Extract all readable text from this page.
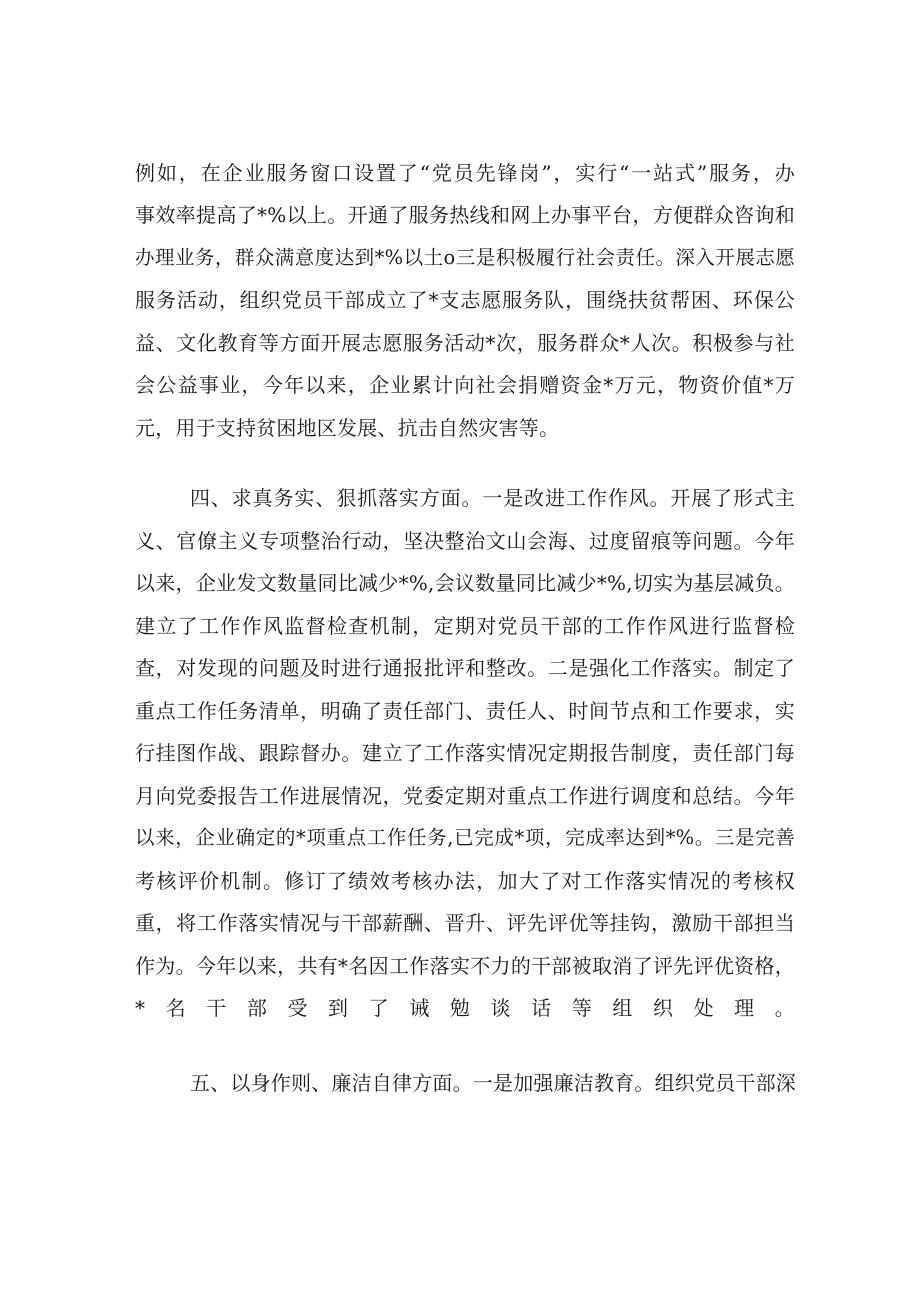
例如，在企业服务窗口设置了“党员先锋岗”，实行“一站式”服务，办
事效率提高了*%以上。开通了服务热线和网上办事平台，方便群众咨询和
办理业务，群众满意度达到*%以土o三是积极履行社会责任。深入开展志愿
服务活动，组织党员干部成立了*支志愿服务队，围绕扶贫帮困、环保公
益、文化教育等方面开展志愿服务活动*次，服务群众*人次。积极参与社
会公益事业，今年以来，企业累计向社会捐赠资金*万元，物资价值*万
元，用于支持贫困地区发展、抗击自然灾害等。
四、求真务实、狠抓落实方面。一是改进工作作风。开展了形式主
义、官僚主义专项整治行动，坚决整治文山会海、过度留痕等问题。今年
以来，企业发文数量同比减少*%,会议数量同比减少*%,切实为基层减负。
建立了工作作风监督检查机制，定期对党员干部的工作作风进行监督检
查，对发现的问题及时进行通报批评和整改。二是强化工作落实。制定了
重点工作任务清单，明确了责任部门、责任人、时间节点和工作要求，实
行挂图作战、跟踪督办。建立了工作落实情况定期报告制度，责任部门每
月向党委报告工作进展情况，党委定期对重点工作进行调度和总结。今年
以来，企业确定的*项重点工作任务,已完成*项，完成率达到*%。三是完善
考核评价机制。修订了绩效考核办法，加大了对工作落实情况的考核权
重，将工作落实情况与干部薪酬、晋升、评先评优等挂钩，激励干部担当
作为。今年以来，共有*名因工作落实不力的干部被取消了评先评优资格，
*名干部受到了诫勉谈话等组织处理。
五、以身作则、廉洁自律方面。一是加强廉洁教育。组织党员干部深
